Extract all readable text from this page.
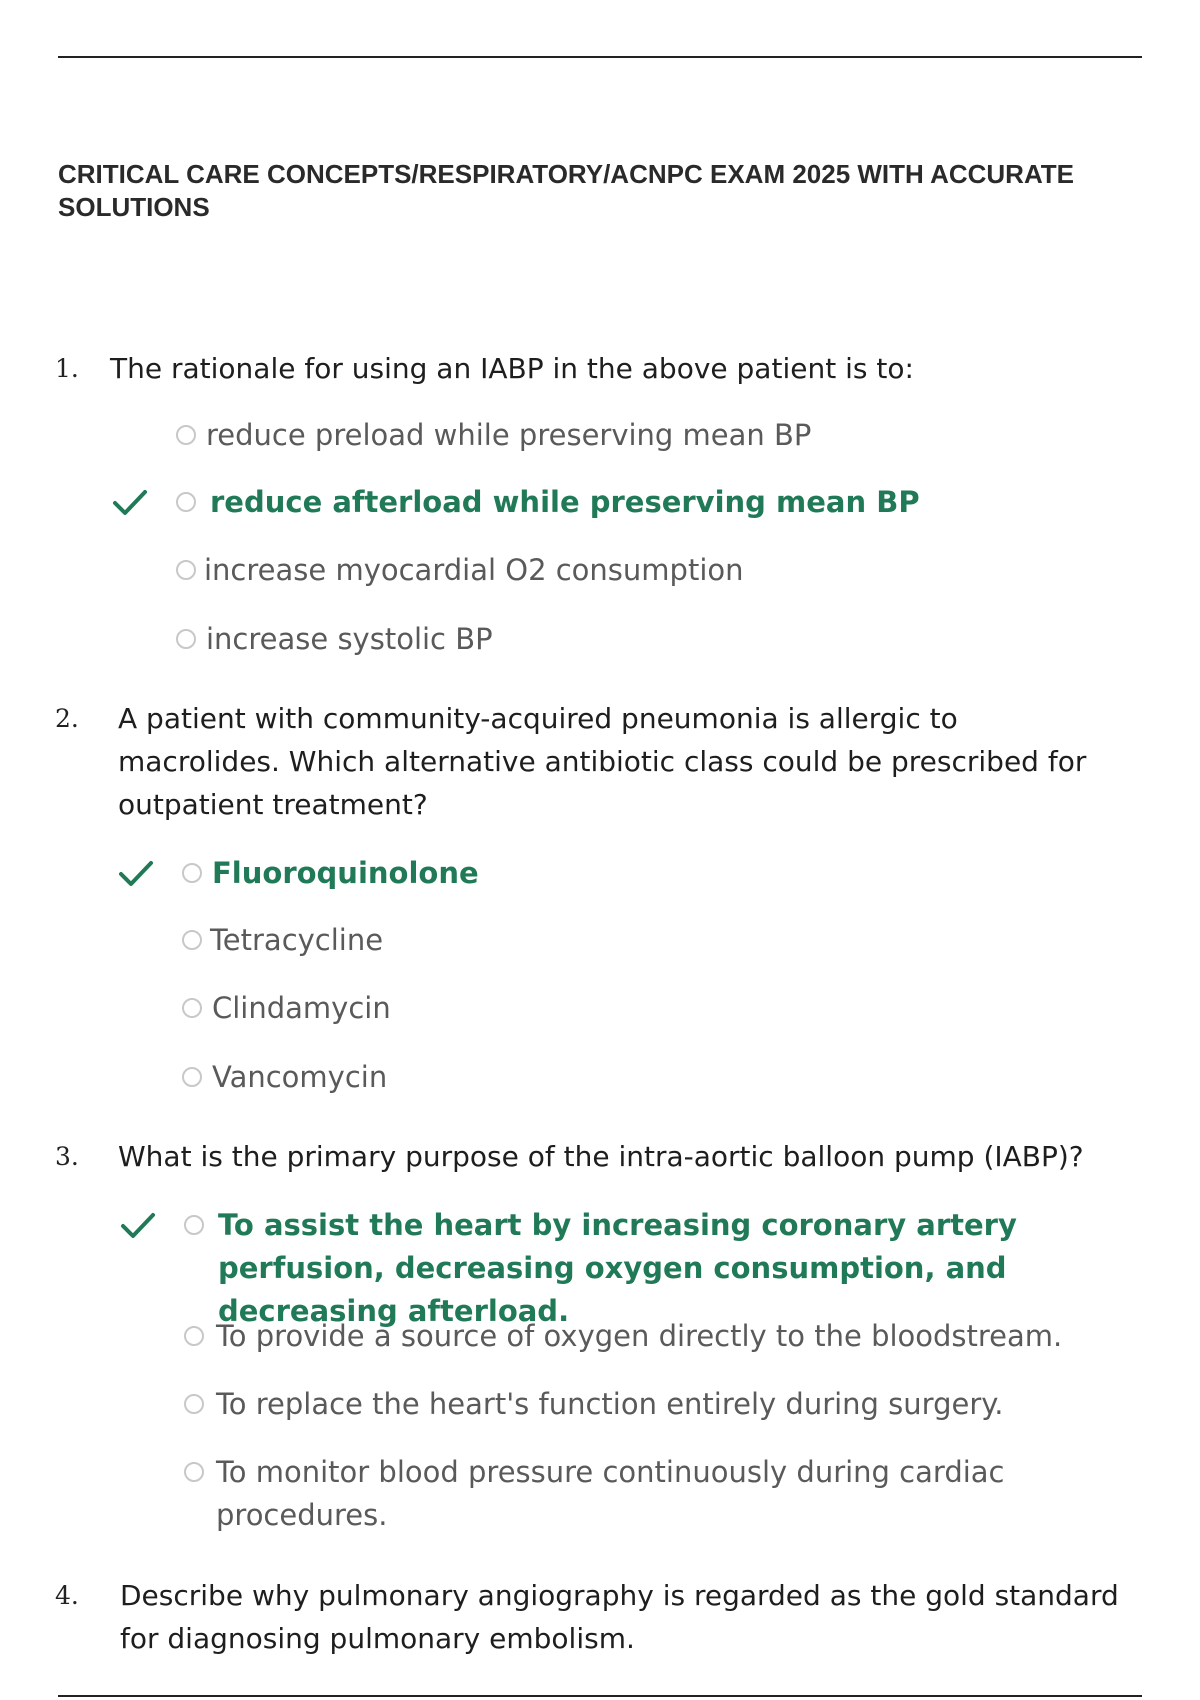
CRITICAL CARE CONCEPTS/RESPIRATORY/ACNPC EXAM 2025 WITH ACCURATE SOLUTIONS
1. The rationale for using an IABP in the above patient is to:

reduce preload while preserving mean BP

reduce afterload while preserving mean BP

increase myocardial O2 consumption

increase systolic BP

2. A patient with community-acquired pneumonia is allergic to macrolides. Which alternative antibiotic class could be prescribed for outpatient treatment?

Fluoroquinolone

Tetracycline

Clindamycin

Vancomycin

3. What is the primary purpose of the intra-aortic balloon pump (IABP)?

To assist the heart by increasing coronary artery perfusion, decreasing oxygen consumption, and decreasing afterload.

To provide a source of oxygen directly to the bloodstream.

To replace the heart's function entirely during surgery.

To monitor blood pressure continuously during cardiac procedures.

4. Describe why pulmonary angiography is regarded as the gold standard for diagnosing pulmonary embolism.
